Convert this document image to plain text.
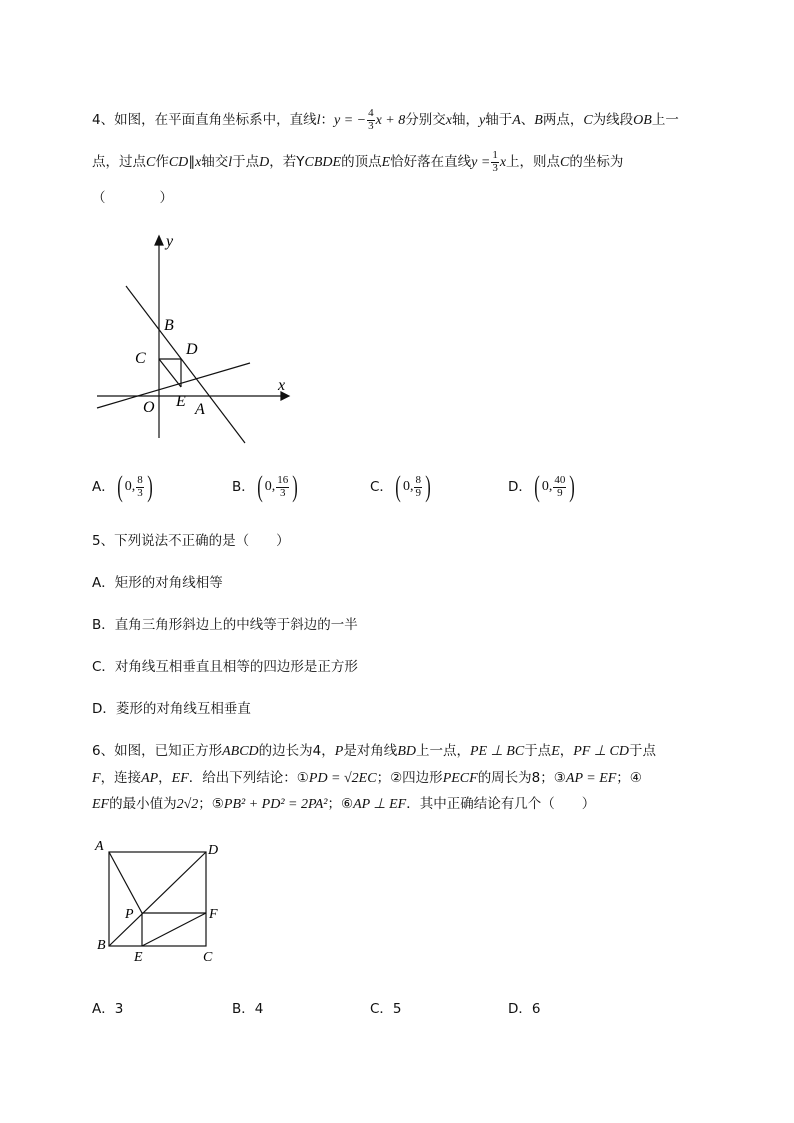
4、如图，在平面直角坐标系中，直线l：y = − $\frac{4}{3}$ x + 8分别交x轴，y轴于A、B两点，C为线段OB上一
点，过点C作CD∥x轴交l于点D，若YCBDE的顶点E恰好落在直线$y = \frac{1}{3}$ x上，则点C的坐标为
（　　　　）
y
x
B
C
D
O E A
A．( 0, $\frac{8}{3}$ )	B．( 0, $\frac{16}{3}$ )	C．( 0, $\frac{8}{9}$ )	D．( 0, $\frac{40}{9}$ )
5、下列说法不正确的是（　　）
A．矩形的对角线相等
B．直角三角形斜边上的中线等于斜边的一半
C．对角线互相垂直且相等的四边形是正方形
D．菱形的对角线互相垂直
6、如图，已知正方形ABCD的边长为4，P是对角线BD上一点，PE ⊥ BC于点E，PF ⊥ CD于点
F，连接AP，EF．给出下列结论：①PD = √2EC；②四边形PECF的周长为8；③AP = EF；④
EF的最小值为2√2；⑤PB² + PD² = 2PA²；⑥AP ⊥ EF．其中正确结论有几个（　　）
A	D
P	F
B
E	C
A．3	B．4	C．5	D．6
